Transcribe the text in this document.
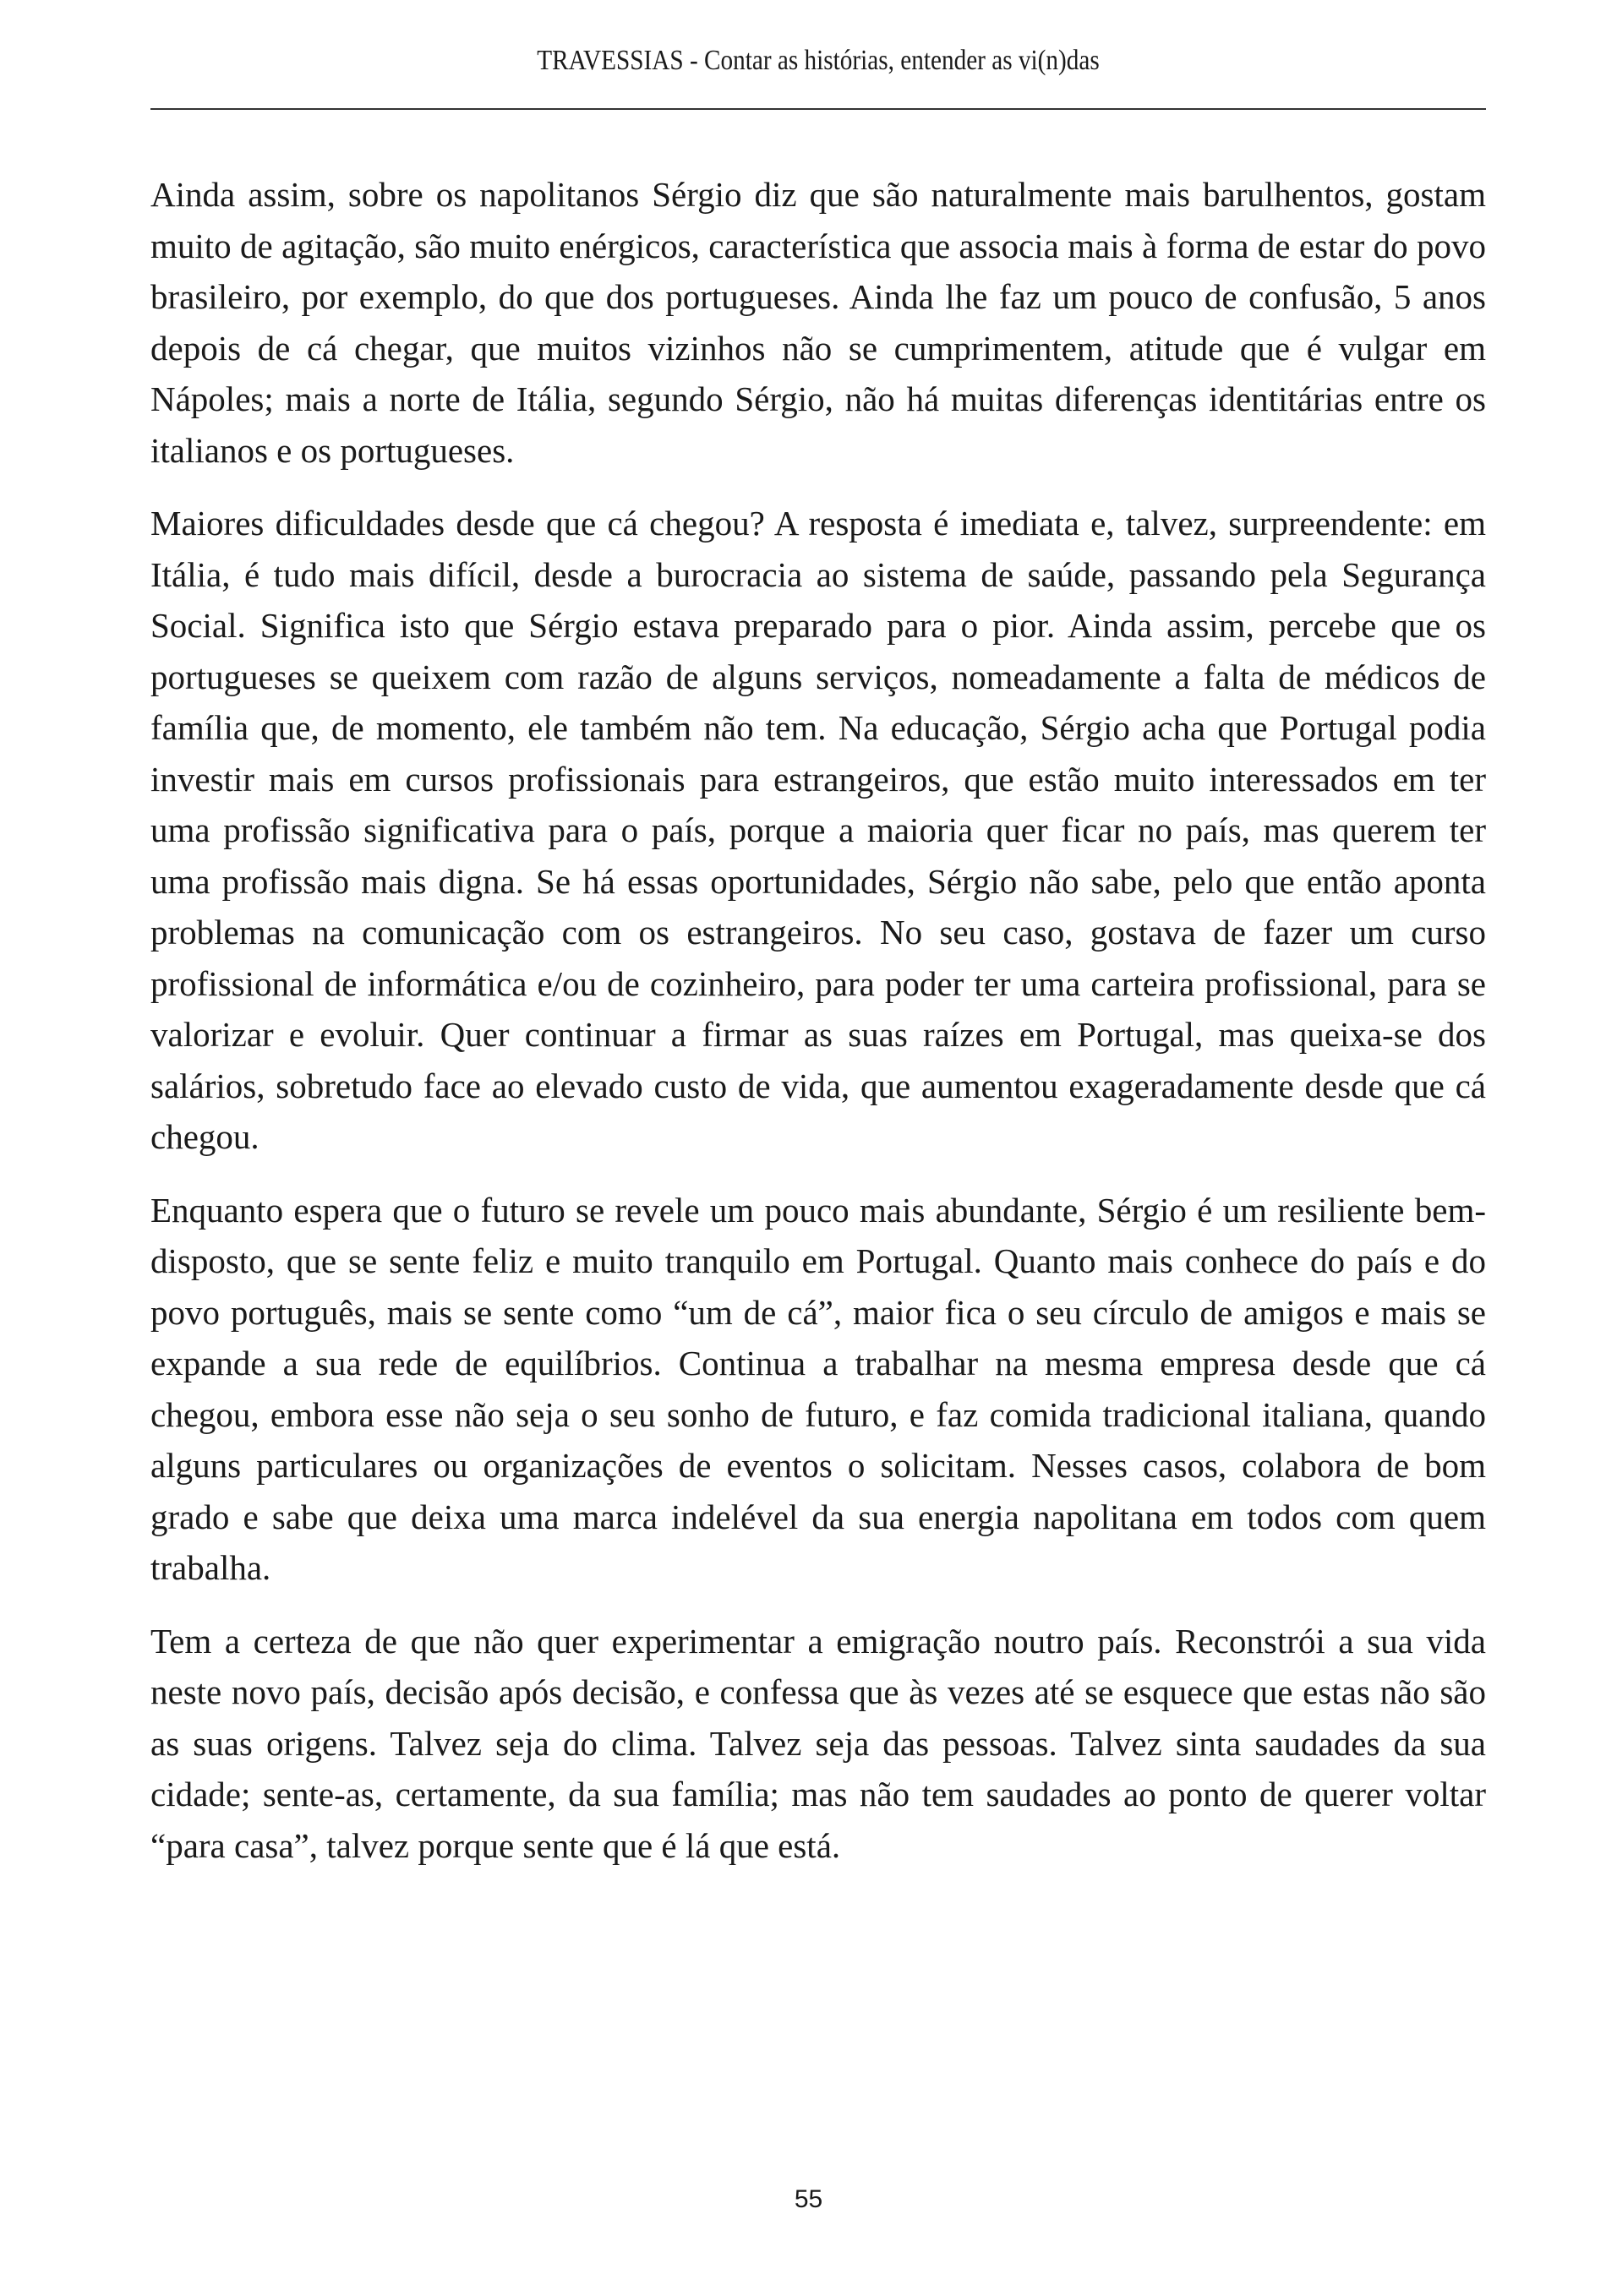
TRAVESSIAS - Contar as histórias, entender as vi(n)das

Ainda assim, sobre os napolitanos Sérgio diz que são naturalmente mais barulhentos, gostam muito de agitação, são muito enérgicos, característica que associa mais à forma de estar do povo brasileiro, por exemplo, do que dos portugueses. Ainda lhe faz um pouco de confusão, 5 anos depois de cá chegar, que muitos vizinhos não se cumprimentem, atitude que é vulgar em Nápoles; mais a norte de Itália, segundo Sérgio, não há muitas diferenças identitárias entre os italianos e os portugueses.

Maiores dificuldades desde que cá chegou? A resposta é imediata e, talvez, surpreendente: em Itália, é tudo mais difícil, desde a burocracia ao sistema de saúde, passando pela Segurança Social. Significa isto que Sérgio estava preparado para o pior. Ainda assim, percebe que os portugueses se queixem com razão de alguns serviços, nomeadamente a falta de médicos de família que, de momento, ele também não tem. Na educação, Sérgio acha que Portugal podia investir mais em cursos profissionais para estrangeiros, que estão muito interessados em ter uma profissão significativa para o país, porque a maioria quer ficar no país, mas querem ter uma profissão mais digna. Se há essas oportunidades, Sérgio não sabe, pelo que então aponta problemas na comunicação com os estrangeiros. No seu caso, gostava de fazer um curso profissional de informática e/ou de cozinheiro, para poder ter uma carteira profissional, para se valorizar e evoluir. Quer continuar a firmar as suas raízes em Portugal, mas queixa-se dos salários, sobretudo face ao elevado custo de vida, que aumentou exageradamente desde que cá chegou.

Enquanto espera que o futuro se revele um pouco mais abundante, Sérgio é um resiliente bem-disposto, que se sente feliz e muito tranquilo em Portugal. Quanto mais conhece do país e do povo português, mais se sente como “um de cá”, maior fica o seu círculo de amigos e mais se expande a sua rede de equilíbrios. Continua a trabalhar na mesma empresa desde que cá chegou, embora esse não seja o seu sonho de futuro, e faz comida tradicional italiana, quando alguns particulares ou organizações de eventos o solicitam. Nesses casos, colabora de bom grado e sabe que deixa uma marca indelével da sua energia napolitana em todos com quem trabalha.

Tem a certeza de que não quer experimentar a emigração noutro país. Reconstrói a sua vida neste novo país, decisão após decisão, e confessa que às vezes até se esquece que estas não são as suas origens. Talvez seja do clima. Talvez seja das pessoas. Talvez sinta saudades da sua cidade; sente-as, certamente, da sua família; mas não tem saudades ao ponto de querer voltar “para casa”, talvez porque sente que é lá que está.

55
